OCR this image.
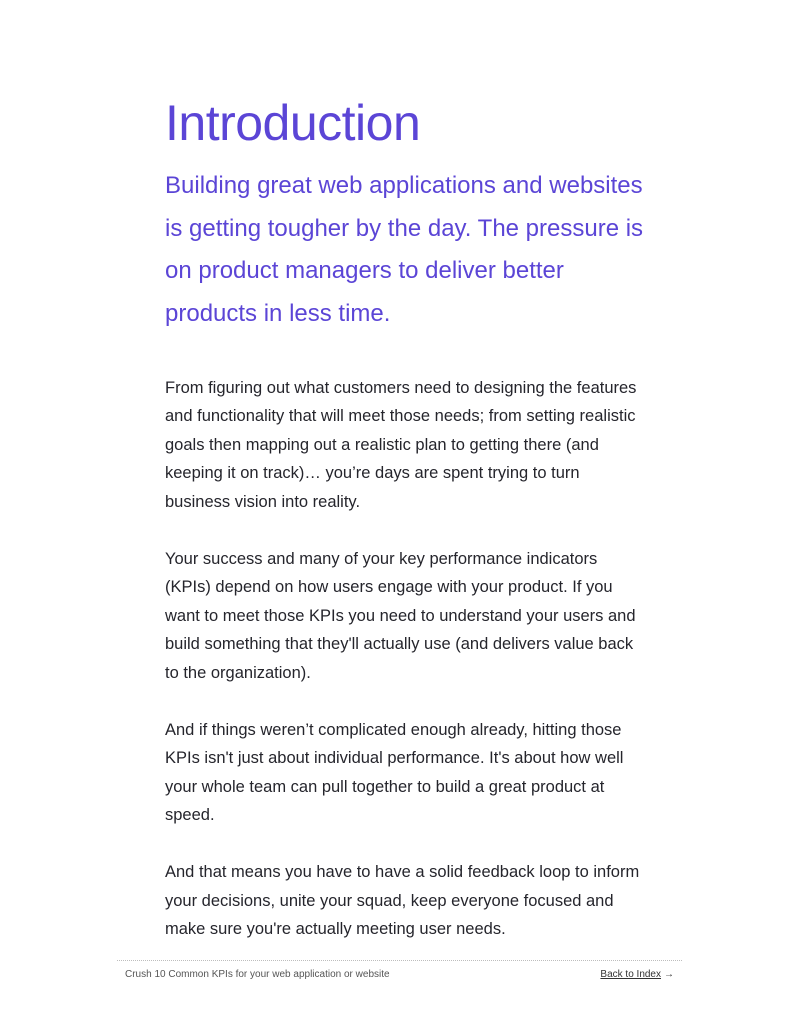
Introduction

Building great web applications and websites is getting tougher by the day. The pressure is on product managers to deliver better products in less time.

From figuring out what customers need to designing the features and functionality that will meet those needs; from setting realistic goals then mapping out a realistic plan to getting there (and keeping it on track)… you’re days are spent trying to turn business vision into reality.

Your success and many of your key performance indicators (KPIs) depend on how users engage with your product. If you want to meet those KPIs you need to understand your users and build something that they'll actually use (and delivers value back to the organization).

And if things weren’t complicated enough already, hitting those KPIs isn't just about individual performance. It's about how well your whole team can pull together to build a great product at speed.

And that means you have to have a solid feedback loop to inform your decisions, unite your squad, keep everyone focused and make sure you're actually meeting user needs.

Crush 10 Common KPIs for your web application or website	Back to Index →
